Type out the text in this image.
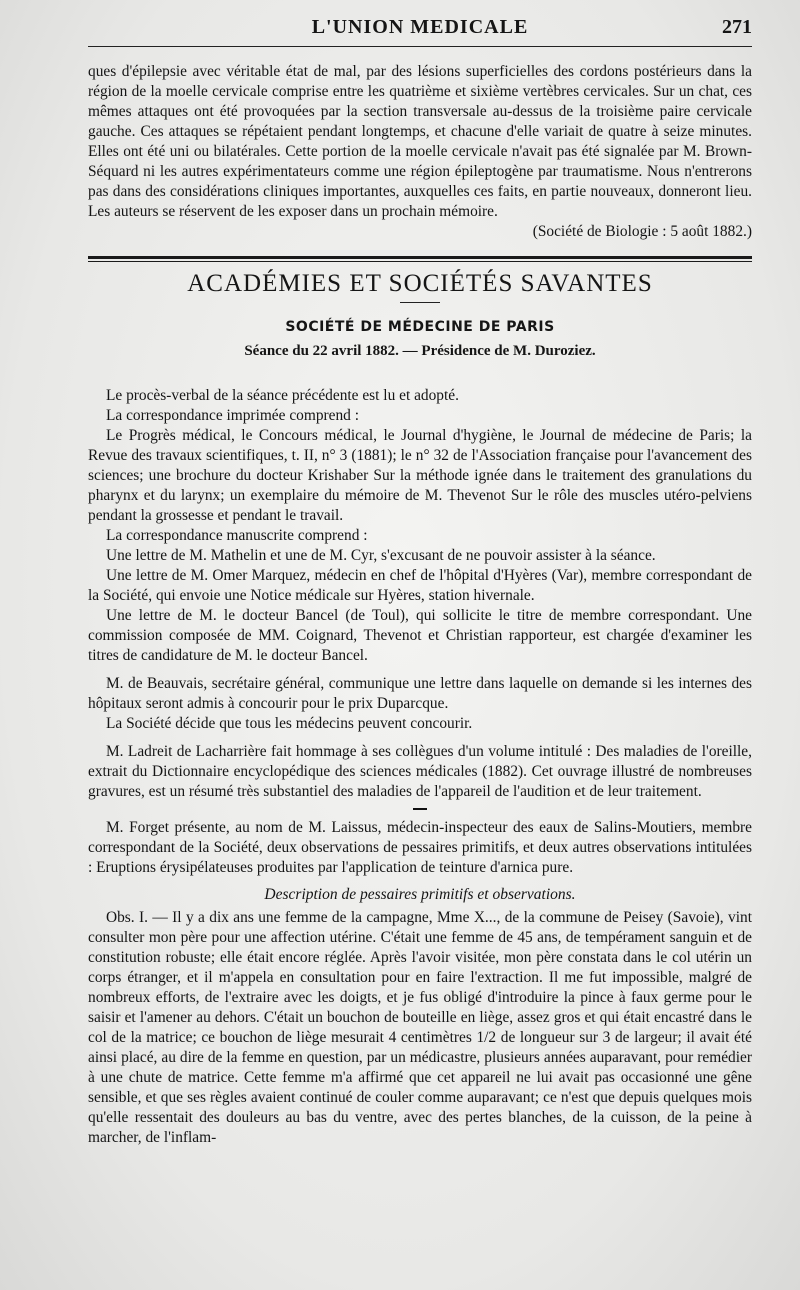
L'UNION MEDICALE	271

ques d'épilepsie avec véritable état de mal, par des lésions superficielles des cordons postérieurs dans la région de la moelle cervicale comprise entre les quatrième et sixième vertèbres cervicales. Sur un chat, ces mêmes attaques ont été provoquées par la section transversale au-dessus de la troisième paire cervicale gauche. Ces attaques se répétaient pendant longtemps, et chacune d'elle variait de quatre à seize minutes. Elles ont été uni ou bilatérales. Cette portion de la moelle cervicale n'avait pas été signalée par M. Brown-Séquard ni les autres expérimentateurs comme une région épileptogène par traumatisme. Nous n'entrerons pas dans des considérations cliniques importantes, auxquelles ces faits, en partie nouveaux, donneront lieu. Les auteurs se réservent de les exposer dans un prochain mémoire.

(Société de Biologie : 5 août 1882.)

ACADÉMIES ET SOCIÉTÉS SAVANTES
SOCIÉTÉ DE MÉDECINE DE PARIS
Séance du 22 avril 1882. — Présidence de M. Duroziez.

Le procès-verbal de la séance précédente est lu et adopté.

La correspondance imprimée comprend :

Le Progrès médical, le Concours médical, le Journal d'hygiène, le Journal de médecine de Paris; la Revue des travaux scientifiques, t. II, n° 3 (1881); le n° 32 de l'Association française pour l'avancement des sciences; une brochure du docteur Krishaber Sur la méthode ignée dans le traitement des granulations du pharynx et du larynx; un exemplaire du mémoire de M. Thevenot Sur le rôle des muscles utéro-pelviens pendant la grossesse et pendant le travail.

La correspondance manuscrite comprend :

Une lettre de M. Mathelin et une de M. Cyr, s'excusant de ne pouvoir assister à la séance.

Une lettre de M. Omer Marquez, médecin en chef de l'hôpital d'Hyères (Var), membre correspondant de la Société, qui envoie une Notice médicale sur Hyères, station hivernale.

Une lettre de M. le docteur Bancel (de Toul), qui sollicite le titre de membre correspondant. Une commission composée de MM. Coignard, Thevenot et Christian rapporteur, est chargée d'examiner les titres de candidature de M. le docteur Bancel.

M. de Beauvais, secrétaire général, communique une lettre dans laquelle on demande si les internes des hôpitaux seront admis à concourir pour le prix Duparcque.

La Société décide que tous les médecins peuvent concourir.

M. Ladreit de Lacharrière fait hommage à ses collègues d'un volume intitulé : Des maladies de l'oreille, extrait du Dictionnaire encyclopédique des sciences médicales (1882). Cet ouvrage illustré de nombreuses gravures, est un résumé très substantiel des maladies de l'appareil de l'audition et de leur traitement.

M. Forget présente, au nom de M. Laissus, médecin-inspecteur des eaux de Salins-Moutiers, membre correspondant de la Société, deux observations de pessaires primitifs, et deux autres observations intitulées : Eruptions érysipélateuses produites par l'application de teinture d'arnica pure.

Description de pessaires primitifs et observations.

Obs. I. — Il y a dix ans une femme de la campagne, Mme X..., de la commune de Peisey (Savoie), vint consulter mon père pour une affection utérine. C'était une femme de 45 ans, de tempérament sanguin et de constitution robuste; elle était encore réglée. Après l'avoir visitée, mon père constata dans le col utérin un corps étranger, et il m'appela en consultation pour en faire l'extraction. Il me fut impossible, malgré de nombreux efforts, de l'extraire avec les doigts, et je fus obligé d'introduire la pince à faux germe pour le saisir et l'amener au dehors. C'était un bouchon de bouteille en liège, assez gros et qui était encastré dans le col de la matrice; ce bouchon de liège mesurait 4 centimètres 1/2 de longueur sur 3 de largeur; il avait été ainsi placé, au dire de la femme en question, par un médicastre, plusieurs années auparavant, pour remédier à une chute de matrice. Cette femme m'a affirmé que cet appareil ne lui avait pas occasionné une gêne sensible, et que ses règles avaient continué de couler comme auparavant; ce n'est que depuis quelques mois qu'elle ressentait des douleurs au bas du ventre, avec des pertes blanches, de la cuisson, de la peine à marcher, de l'inflam-
